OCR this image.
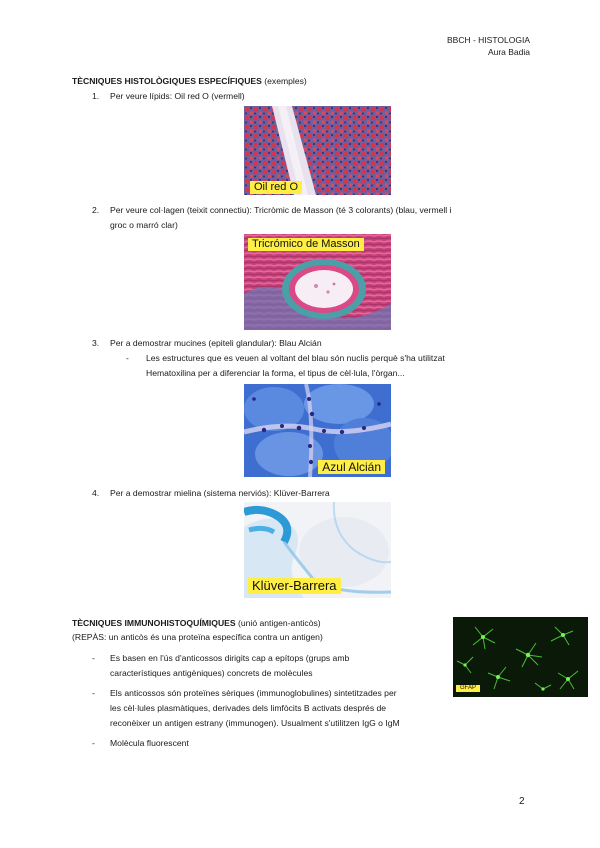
BBCH - HISTOLOGIA
Aura Badia
TÈCNIQUES HISTOLÒGIQUES ESPECÍFIQUES (exemples)
1. Per veure lípids: Oil red O (vermell)
Oil red O
2. Per veure col·lagen (teixit connectiu): Tricròmic de Masson (té 3 colorants) (blau, vermell i
groc o marró clar)
Tricrómico de Masson
3. Per a demostrar mucines (epiteli glandular): Blau Alcián
- Les estructures que es veuen al voltant del blau són nuclis perquè s'ha utilitzat
Hematoxilina per a diferenciar la forma, el tipus de cèl·lula, l'òrgan...
Azul Alcián
4. Per a demostrar mielina (sistema nerviós): Klüver-Barrera
Klüver-Barrera
TÈCNIQUES IMMUNOHISTOQUÍMIQUES (unió antigen-anticòs)
(REPÀS: un anticòs és una proteïna específica contra un antigen)
GFAP
- Es basen en l'ús d'anticossos dirigits cap a epítops (grups amb
característiques antigèniques) concrets de molècules
- Els anticossos són proteïnes sèriques (immunoglobulines) sintetitzades per
les cèl·lules plasmàtiques, derivades dels limfòcits B activats després de
reconèixer un antigen estrany (immunogen). Usualment s'utilitzen IgG o IgM
- Molècula fluorescent
2
